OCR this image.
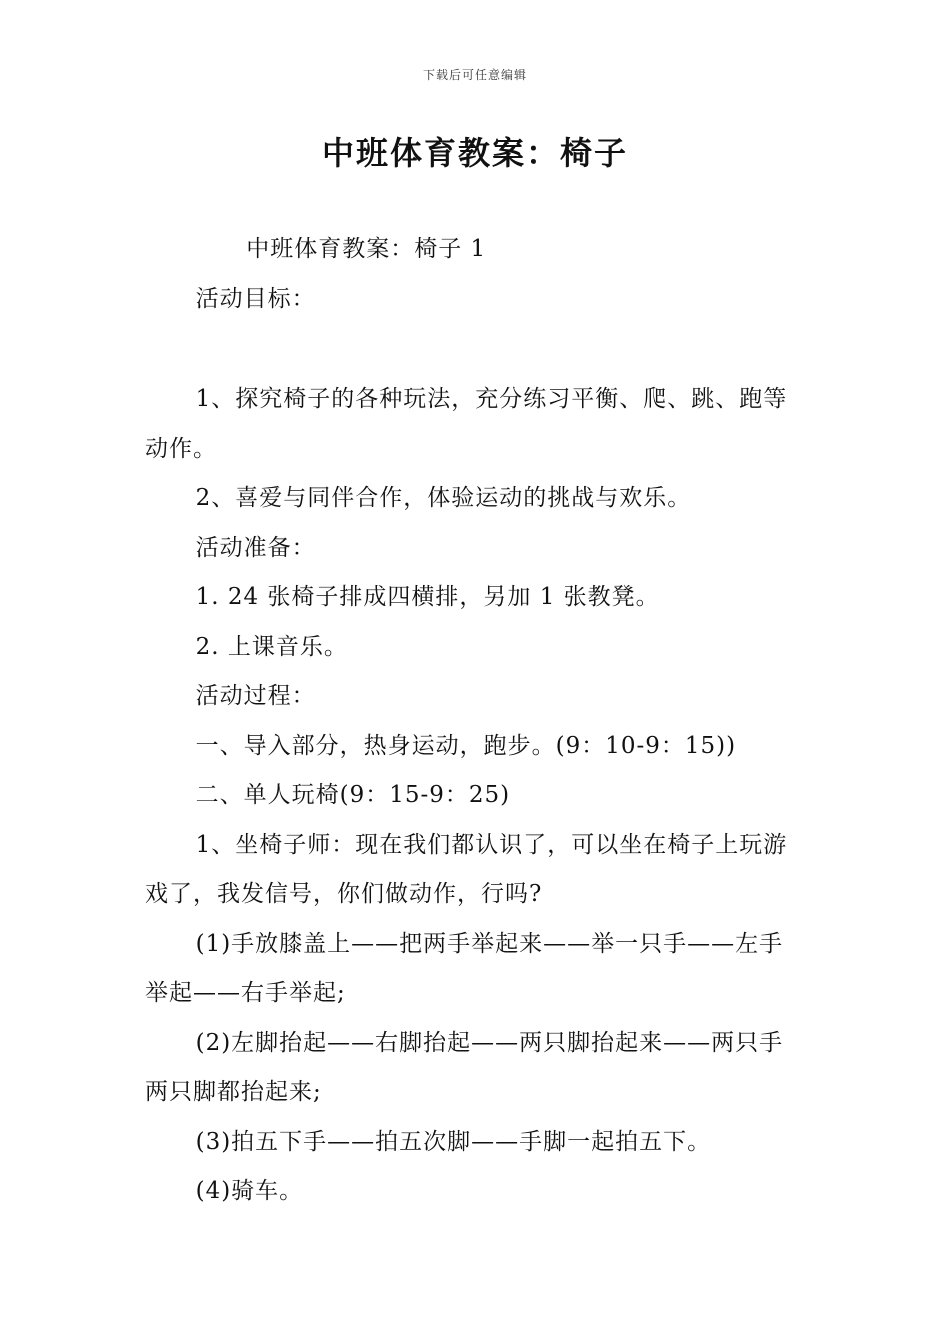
下载后可任意编辑
中班体育教案：椅子

中班体育教案：椅子 1

活动目标：

1、探究椅子的各种玩法，充分练习平衡、爬、跳、跑等动作。

2、喜爱与同伴合作，体验运动的挑战与欢乐。

活动准备：

1. 24 张椅子排成四横排，另加 1 张教凳。

2. 上课音乐。

活动过程：

一、导入部分，热身运动，跑步。(9：10-9：15))

二、单人玩椅(9：15-9：25)

1、坐椅子师：现在我们都认识了，可以坐在椅子上玩游戏了，我发信号，你们做动作，行吗?

(1)手放膝盖上——把两手举起来——举一只手——左手举起——右手举起;

(2)左脚抬起——右脚抬起——两只脚抬起来——两只手两只脚都抬起来;

(3)拍五下手——拍五次脚——手脚一起拍五下。

(4)骑车。
